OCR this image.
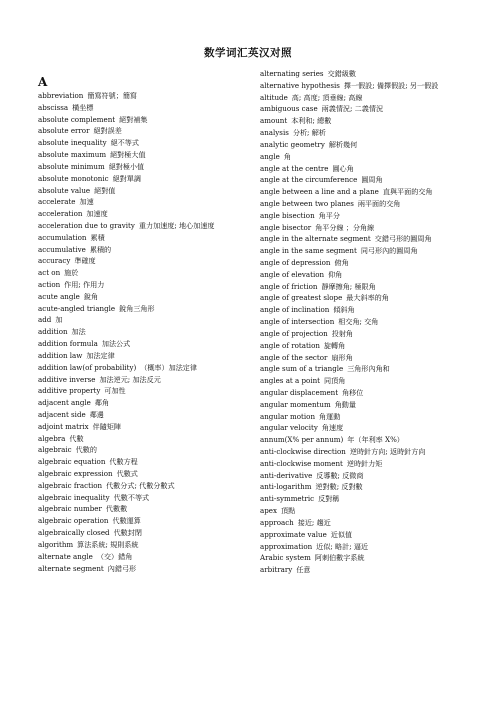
数学词汇英汉对照
A
abbreviation 簡寫符號；簡寫
abscissa 橫坐標
absolute complement 絕對補集
absolute error 絕對誤差
absolute inequality 絕不等式
absolute maximum 絕對極大值
absolute minimum 絕對極小值
absolute monotonic 絕對單調
absolute value 絕對值
accelerate 加速
acceleration 加速度
acceleration due to gravity 重力加速度; 地心加速度
accumulation 累積
accumulative 累積的
accuracy 準確度
act on 施於
action 作用; 作用力
acute angle 銳角
acute-angled triangle 銳角三角形
add 加
addition 加法
addition formula 加法公式
addition law 加法定律
addition law(of probability) （概率）加法定律
additive inverse 加法逆元; 加法反元
additive property 可加性
adjacent angle 鄰角
adjacent side 鄰邊
adjoint matrix 伴隨矩陣
algebra 代數
algebraic 代數的
algebraic equation 代數方程
algebraic expression 代數式
algebraic fraction 代數分式; 代數分數式
algebraic inequality 代數不等式
algebraic number 代數數
algebraic operation 代數運算
algebraically closed 代數封閉
algorithm 算法系統; 規則系統
alternate angle （交）錯角
alternate segment 內錯弓形
alternating series 交錯級數
alternative hypothesis 擇一假設; 備擇假設; 另一假設
altitude 高; 高度; 頂垂線; 高線
ambiguous case 兩義情況; 二義情況
amount 本利和; 總數
analysis 分析; 解析
analytic geometry 解析幾何
angle 角
angle at the centre 圓心角
angle at the circumference 圓周角
angle between a line and a plane 直與平面的交角
angle between two planes 兩平面的交角
angle bisection 角平分
angle bisector 角平分線 ；分角線
angle in the alternate segment 交錯弓形的圓周角
angle in the same segment 同弓形內的圓周角
angle of depression 俯角
angle of elevation 仰角
angle of friction 靜摩擦角; 極限角
angle of greatest slope 最大斜率的角
angle of inclination 傾斜角
angle of intersection 相交角; 交角
angle of projection 投射角
angle of rotation 旋轉角
angle of the sector 扇形角
angle sum of a triangle 三角形內角和
angles at a point 同頂角
angular displacement 角移位
angular momentum 角動量
angular motion 角運動
angular velocity 角速度
annum(X% per annum) 年（年利率 X%）
anti-clockwise direction 逆時針方向; 返時針方向
anti-clockwise moment 逆時針力矩
anti-derivative 反導數; 反微商
anti-logarithm 逆對數; 反對數
anti-symmetric 反對稱
apex 頂點
approach 接近; 趨近
approximate value 近似值
approximation 近似; 略計; 逼近
Arabic system 阿刺伯數字系統
arbitrary 任意
